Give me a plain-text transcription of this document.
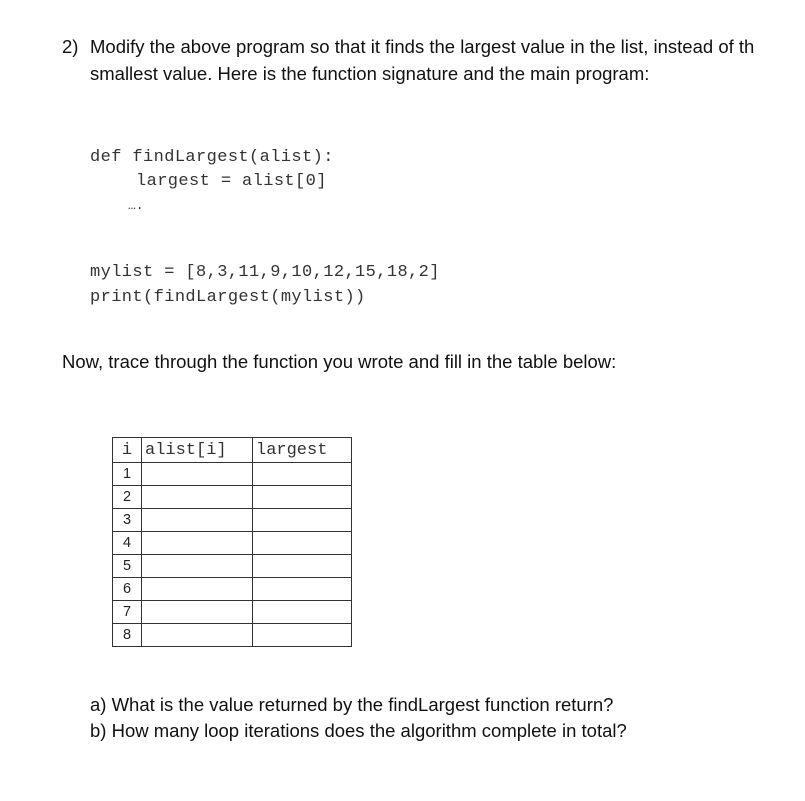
2) Modify the above program so that it finds the largest value in the list, instead of th
smallest value. Here is the function signature and the main program:
def findLargest(alist):
largest = alist[0]
….
mylist = [8,3,11,9,10,12,15,18,2]
print(findLargest(mylist))
Now, trace through the function you wrote and fill in the table below:
i	alist[i]	largest
1		
2		
3		
4		
5		
6		
7		
8		
a) What is the value returned by the findLargest function return?
b) How many loop iterations does the algorithm complete in total?
